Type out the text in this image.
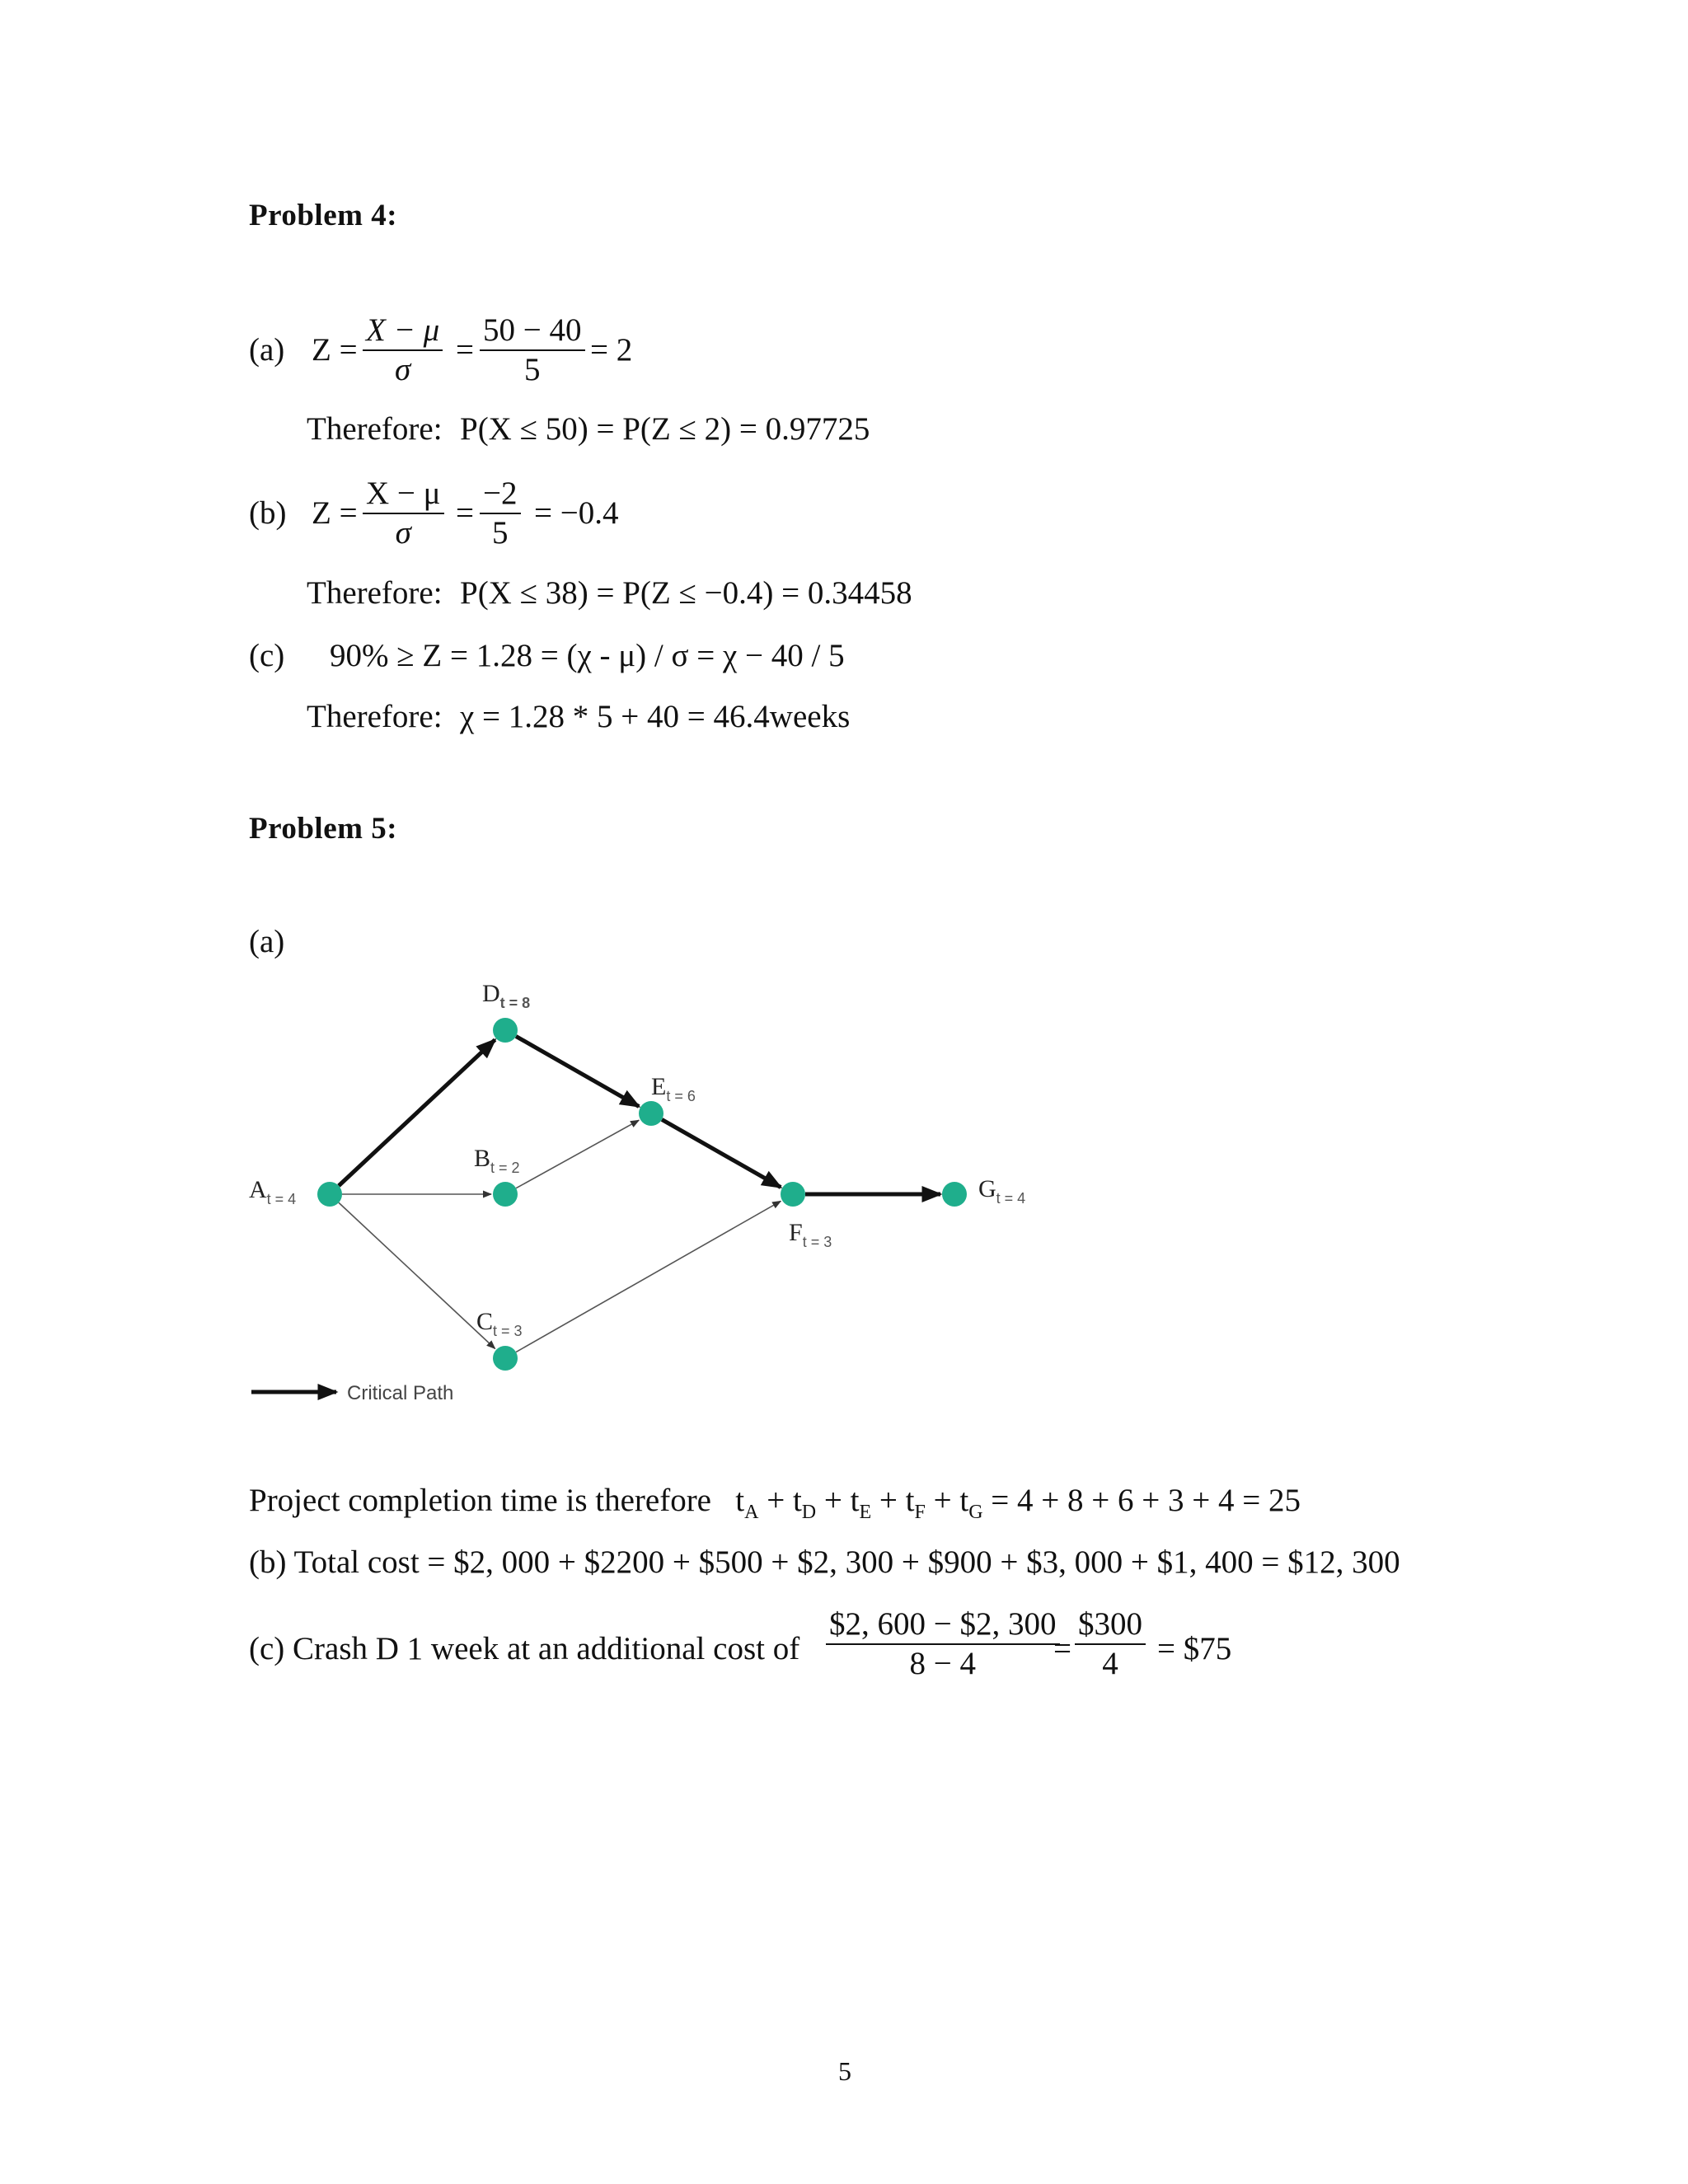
Problem 4:
(a) $Z = \frac{X - \mu}{\sigma} = \frac{50 - 40}{5} = 2$
Therefore: P(X ≤ 50) = P(Z ≤ 2) = 0.97725
(b) $Z = \frac{X - \mu}{\sigma} = \frac{-2}{5} = -0.4$
Therefore: P(X ≤ 38) = P(Z ≤ −0.4) = 0.34458
(c) 90% ≥ Z = 1.28 = (χ - μ) / σ = χ − 40 / 5
Therefore: χ = 1.28 * 5 + 40 = 46.4weeks
Problem 5:
(a)
$A_{t = 4}$
$B_{t = 2}$
$C_{t = 3}$
$D_{t = 8}$
$E_{t = 6}$
$F_{t = 3}$
$G_{t = 4}$
Critical Path
Project completion time is therefore $t_A + t_D + t_E + t_F + t_G = 4 + 8 + 6 + 3 + 4 = 25$
(b) Total cost = $2, 000 + $2200 + $500 + $2, 300 + $900 + $3, 000 + $1, 400 = $12, 300
(c) Crash D 1 week at an additional cost of $\frac{\$2, 600 - \$2, 300}{8 - 4}$
= $\frac{\$300}{4}$ = $75
5
